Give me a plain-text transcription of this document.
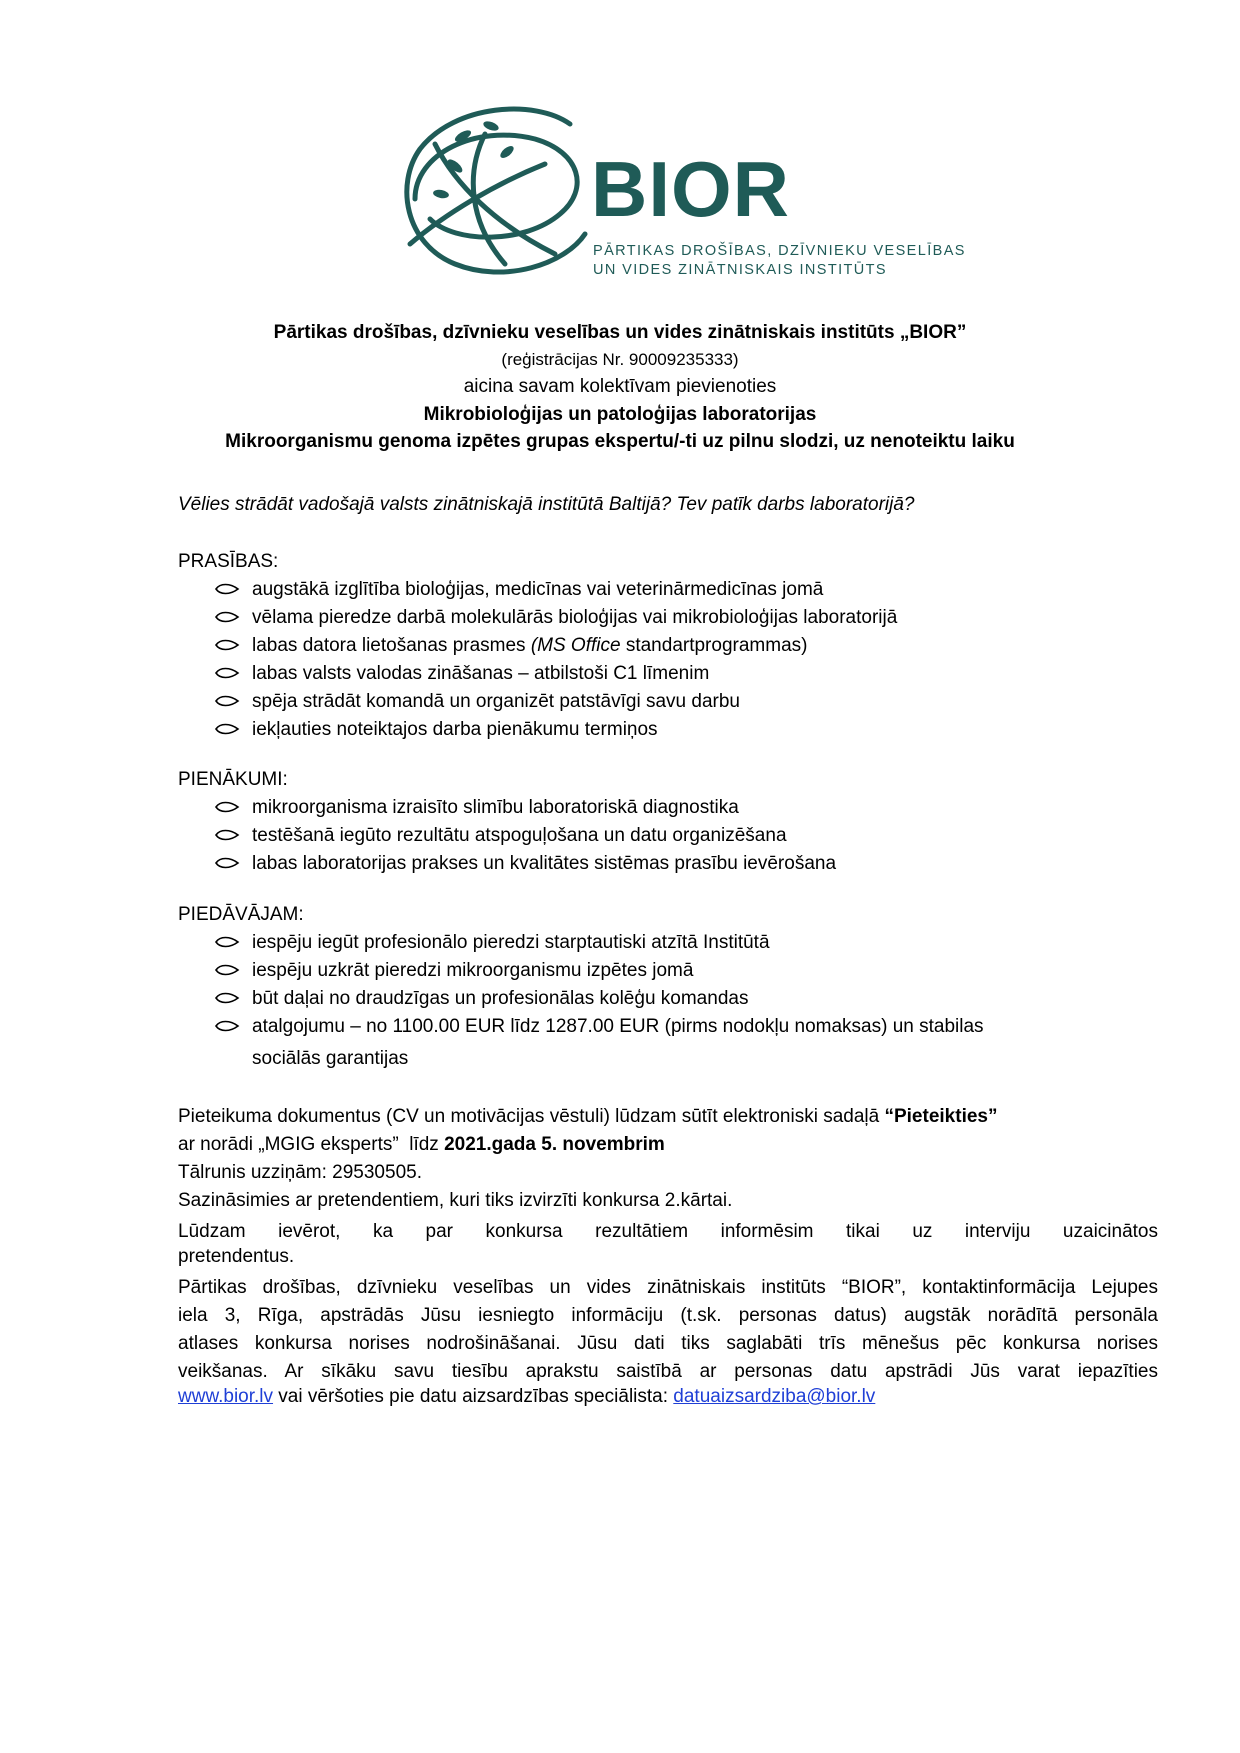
BIOR
PĀRTIKAS DROŠĪBAS, DZĪVNIEKU VESELĪBAS
UN VIDES ZINĀTNISKAIS INSTITŪTS
Pārtikas drošības, dzīvnieku veselības un vides zinātniskais institūts „BIOR”
(reģistrācijas Nr. 90009235333)
aicina savam kolektīvam pievienoties
Mikrobioloģijas un patoloģijas laboratorijas
Mikroorganismu genoma izpētes grupas ekspertu/-ti uz pilnu slodzi, uz nenoteiktu laiku
Vēlies strādāt vadošajā valsts zinātniskajā institūtā Baltijā? Tev patīk darbs laboratorijā?
PRASĪBAS:
augstākā izglītība bioloģijas, medicīnas vai veterinārmedicīnas jomā
vēlama pieredze darbā molekulārās bioloģijas vai mikrobioloģijas laboratorijā
labas datora lietošanas prasmes (MS Office standartprogrammas)
labas valsts valodas zināšanas – atbilstoši C1 līmenim
spēja strādāt komandā un organizēt patstāvīgi savu darbu
iekļauties noteiktajos darba pienākumu termiņos
PIENĀKUMI:
mikroorganisma izraisīto slimību laboratoriskā diagnostika
testēšanā iegūto rezultātu atspoguļošana un datu organizēšana
labas laboratorijas prakses un kvalitātes sistēmas prasību ievērošana
PIEDĀVĀJAM:
iespēju iegūt profesionālo pieredzi starptautiski atzītā Institūtā
iespēju uzkrāt pieredzi mikroorganismu izpētes jomā
būt daļai no draudzīgas un profesionālas kolēģu komandas
atalgojumu – no 1100.00 EUR līdz 1287.00 EUR (pirms nodokļu nomaksas) un stabilas
sociālās garantijas
Pieteikuma dokumentus (CV un motivācijas vēstuli) lūdzam sūtīt elektroniski sadaļā “Pieteikties”
ar norādi „MGIG eksperts”  līdz 2021.gada 5. novembrim
Tālrunis uzziņām: 29530505.
Sazināsimies ar pretendentiem, kuri tiks izvirzīti konkursa 2.kārtai.
Lūdzam ievērot, ka par konkursa rezultātiem informēsim tikai uz interviju uzaicinātos
pretendentus.
Pārtikas drošības, dzīvnieku veselības un vides zinātniskais institūts “BIOR”, kontaktinformācija Lejupes
iela 3, Rīga, apstrādās Jūsu iesniegto informāciju (t.sk. personas datus) augstāk norādītā personāla
atlases konkursa norises nodrošināšanai. Jūsu dati tiks saglabāti trīs mēnešus pēc konkursa norises
veikšanas. Ar sīkāku savu tiesību aprakstu saistībā ar personas datu apstrādi Jūs varat iepazīties
www.bior.lv vai vēršoties pie datu aizsardzības speciālista: datuaizsardziba@bior.lv
